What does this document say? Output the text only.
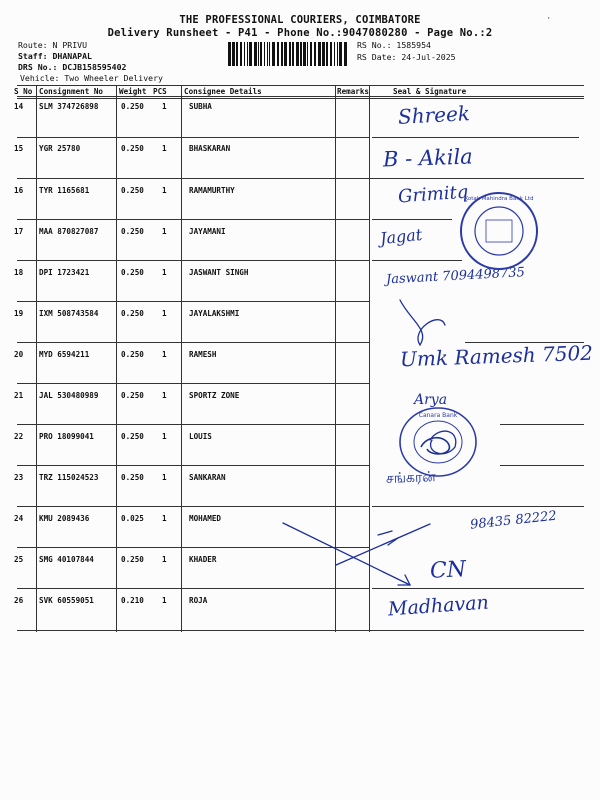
THE PROFESSIONAL COURIERS, COIMBATORE
Delivery Runsheet - P41 - Phone No.:9047080280 - Page No.:2
Route: N PRIVU
Staff: DHANAPAL
DRS No.: DCJB158595402
Vehicle: Two Wheeler Delivery
RS No.: 1585954
RS Date: 24-Jul-2025
·
S No Consignment No Weight PCS Consignee Details	Remarks	Seal & Signature
14 SLM 374726898	0.250 1	SUBHA
15 YGR 25780	0.250 1	BHASKARAN
16 TYR 1165681	0.250 1	RAMAMURTHY
17 MAA 870827087	0.250 1	JAYAMANI
18 DPI 1723421	0.250 1	JASWANT SINGH
19 IXM 508743584	0.250 1	JAYALAKSHMI
20 MYD 6594211	0.250 1	RAMESH
21 JAL 530480989	0.250 1	SPORTZ ZONE
22 PRO 18099041	0.250 1	LOUIS
23 TRZ 115024523	0.250 1	SANKARAN
24 KMU 2089436	0.025 1	MOHAMED
25 SMG 40107844	0.250 1	KHADER
26 SVK 60559051	0.210 1	ROJA
Shreek
B - Akila
Grimitq
Jagat
Jaswant 7094498735
Umk Ramesh 7502
Arya
சங்கரன்
98435 82222
CN
Madhavan
Kotak Mahindra Bank Ltd
Canara Bank
